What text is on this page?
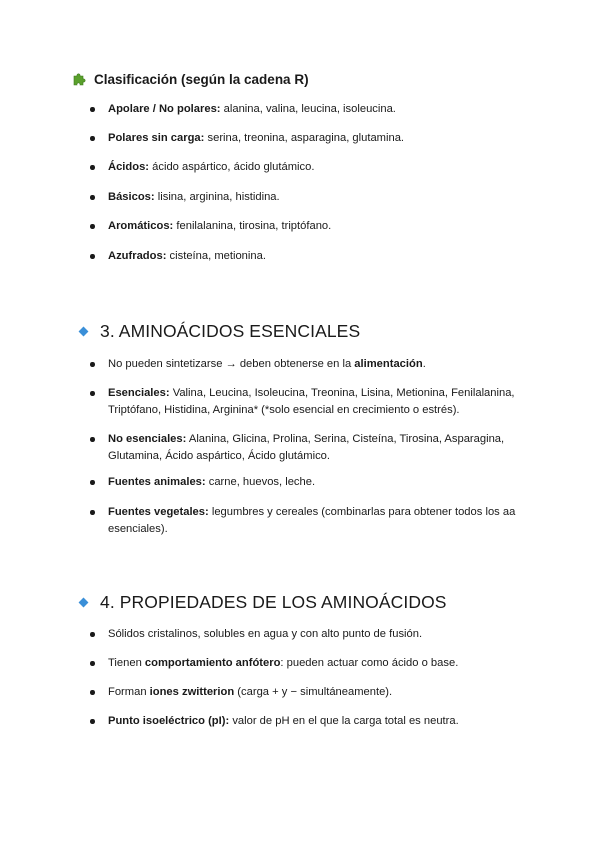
Clasificación (según la cadena R)
Apolare / No polares: alanina, valina, leucina, isoleucina.
Polares sin carga: serina, treonina, asparagina, glutamina.
Ácidos: ácido aspártico, ácido glutámico.
Básicos: lisina, arginina, histidina.
Aromáticos: fenilalanina, tirosina, triptófano.
Azufrados: cisteína, metionina.
3. AMINOÁCIDOS ESENCIALES
No pueden sintetizarse → deben obtenerse en la alimentación.
Esenciales: Valina, Leucina, Isoleucina, Treonina, Lisina, Metionina, Fenilalanina, Triptófano, Histidina, Arginina* (*solo esencial en crecimiento o estrés).
No esenciales: Alanina, Glicina, Prolina, Serina, Cisteína, Tirosina, Asparagina, Glutamina, Ácido aspártico, Ácido glutámico.
Fuentes animales: carne, huevos, leche.
Fuentes vegetales: legumbres y cereales (combinarlas para obtener todos los aa esenciales).
4. PROPIEDADES DE LOS AMINOÁCIDOS
Sólidos cristalinos, solubles en agua y con alto punto de fusión.
Tienen comportamiento anfótero: pueden actuar como ácido o base.
Forman iones zwitterion (carga + y − simultáneamente).
Punto isoeléctrico (pI): valor de pH en el que la carga total es neutra.
